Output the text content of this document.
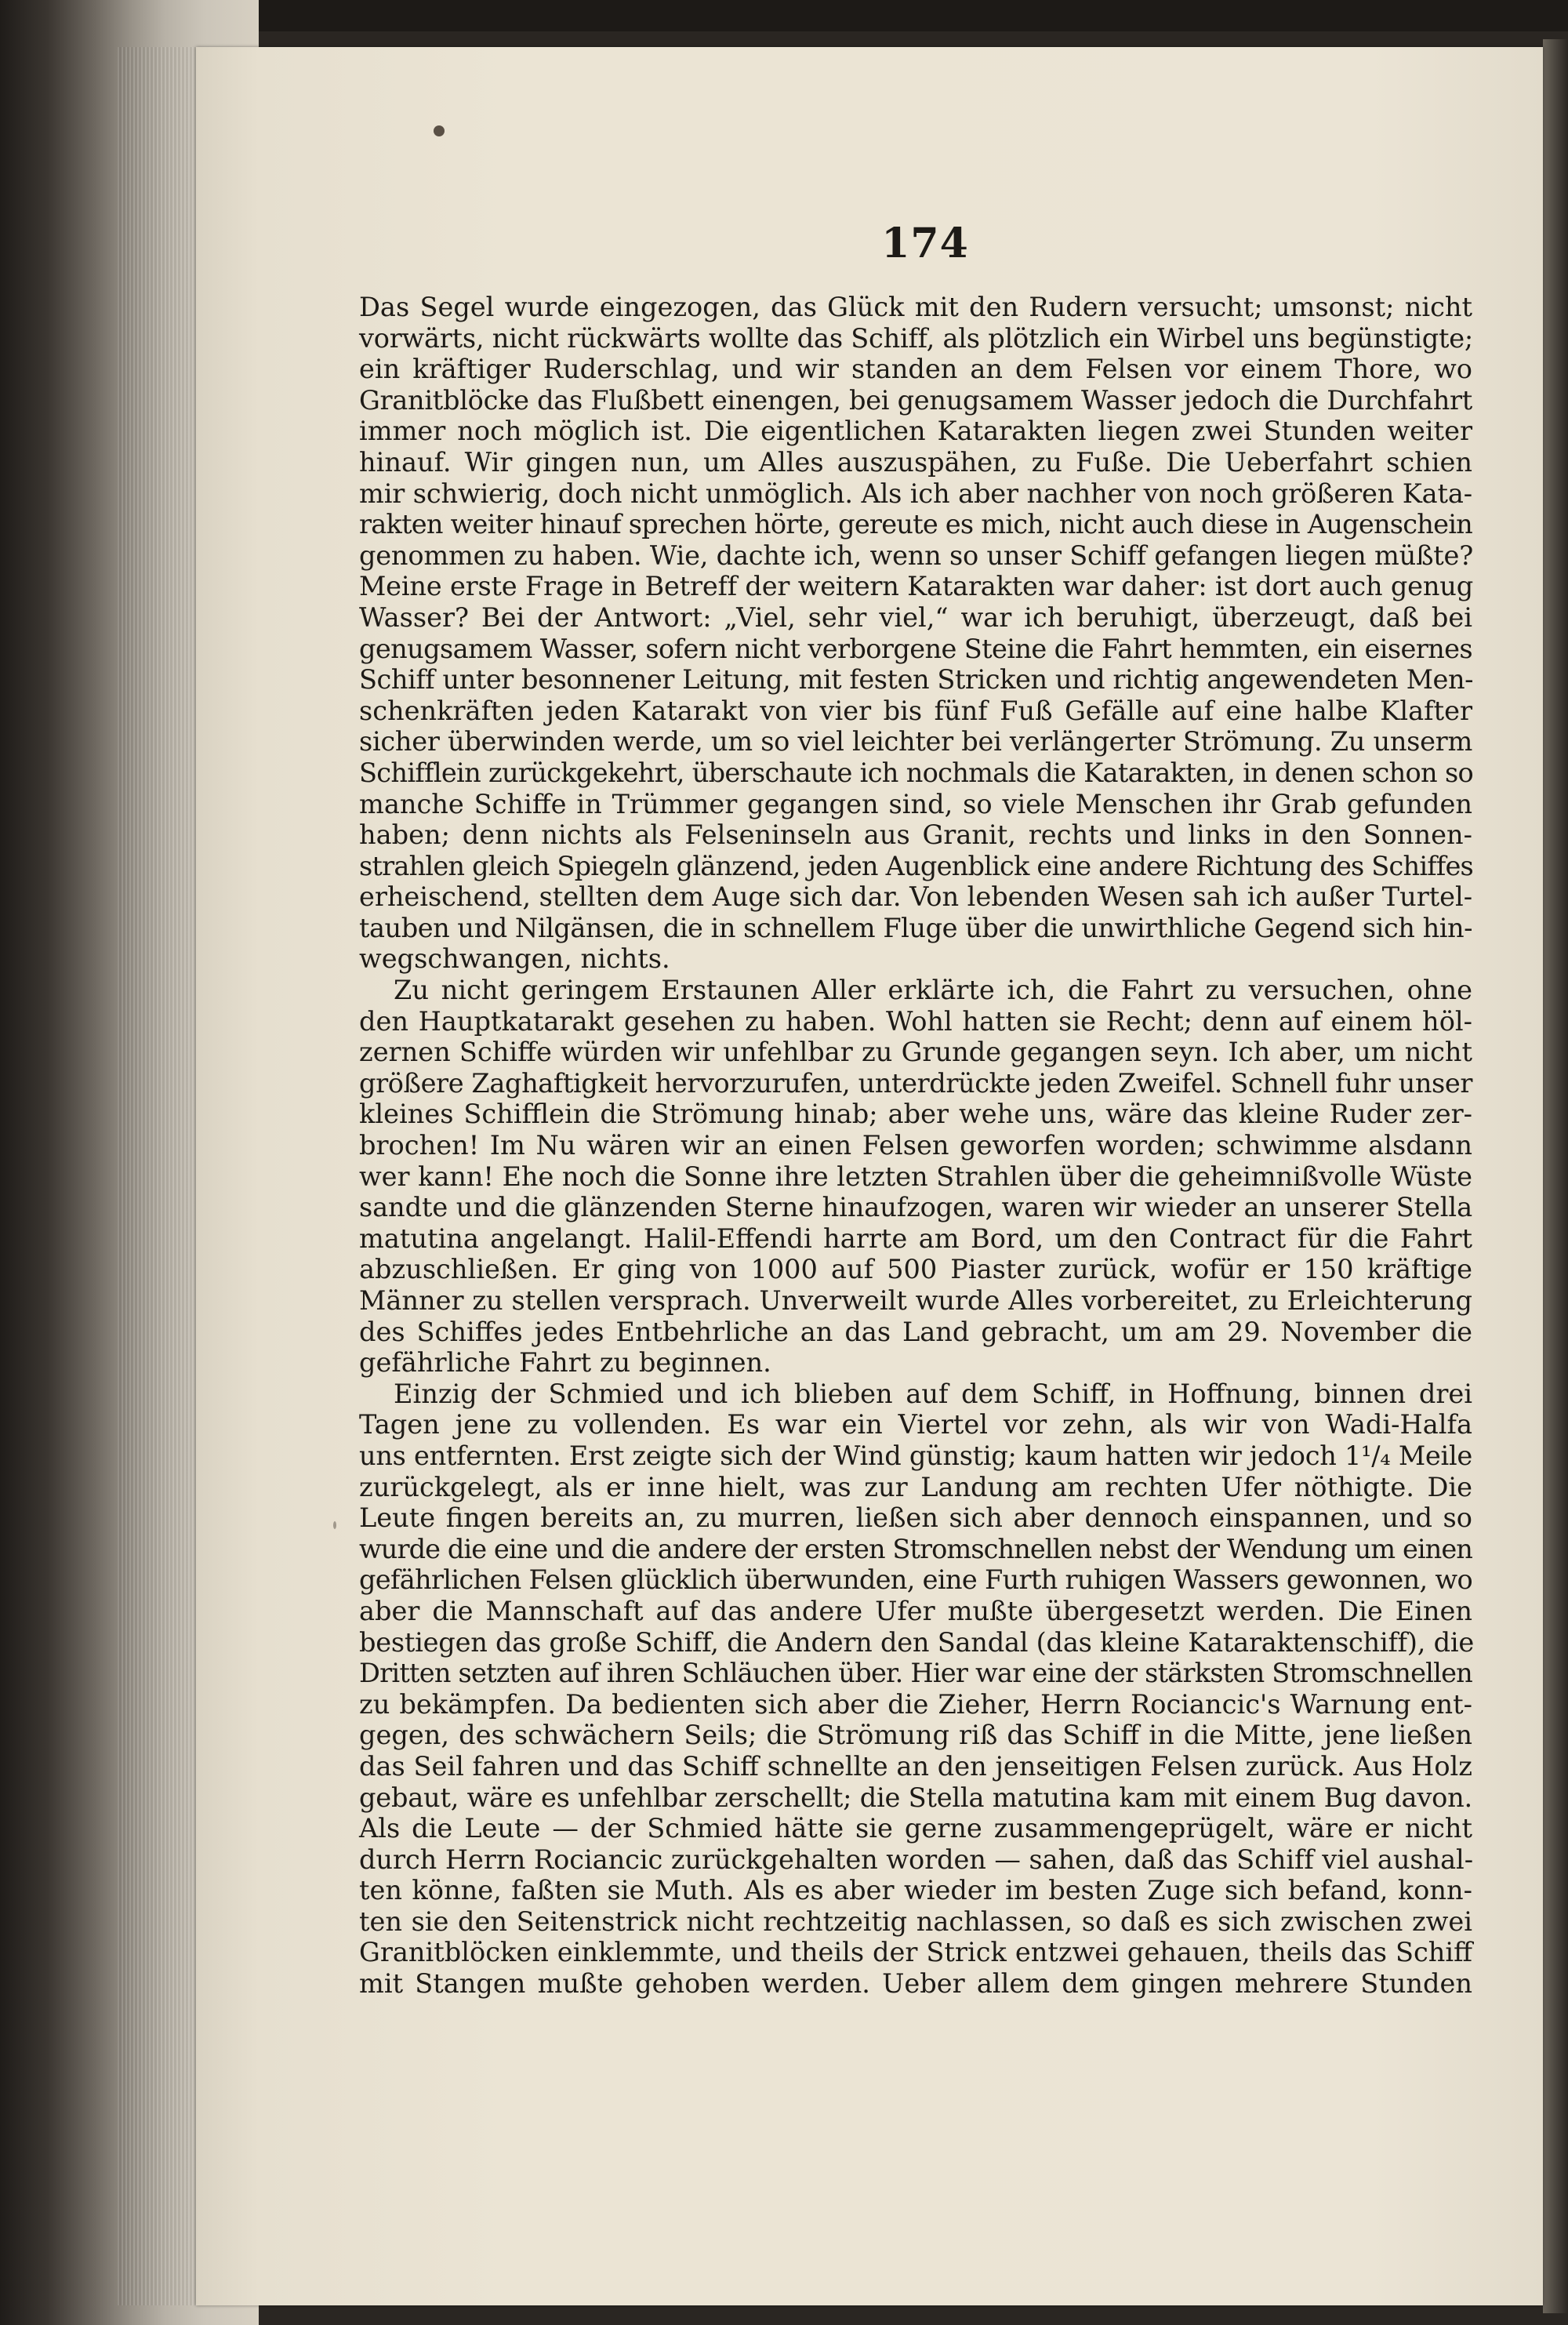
174
Das Segel wurde eingezogen, das Glück mit den Rudern versucht; umsonst; nicht
vorwärts, nicht rückwärts wollte das Schiff, als plötzlich ein Wirbel uns begünstigte;
ein kräftiger Ruderschlag, und wir standen an dem Felsen vor einem Thore, wo
Granitblöcke das Flußbett einengen, bei genugsamem Wasser jedoch die Durchfahrt
immer noch möglich ist. Die eigentlichen Katarakten liegen zwei Stunden weiter
hinauf. Wir gingen nun, um Alles auszuspähen, zu Fuße. Die Ueberfahrt schien
mir schwierig, doch nicht unmöglich. Als ich aber nachher von noch größeren Kata-
rakten weiter hinauf sprechen hörte, gereute es mich, nicht auch diese in Augenschein
genommen zu haben. Wie, dachte ich, wenn so unser Schiff gefangen liegen müßte?
Meine erste Frage in Betreff der weitern Katarakten war daher: ist dort auch genug
Wasser? Bei der Antwort: „Viel, sehr viel,“ war ich beruhigt, überzeugt, daß bei
genugsamem Wasser, sofern nicht verborgene Steine die Fahrt hemmten, ein eisernes
Schiff unter besonnener Leitung, mit festen Stricken und richtig angewendeten Men-
schenkräften jeden Katarakt von vier bis fünf Fuß Gefälle auf eine halbe Klafter
sicher überwinden werde, um so viel leichter bei verlängerter Strömung. Zu unserm
Schifflein zurückgekehrt, überschaute ich nochmals die Katarakten, in denen schon so
manche Schiffe in Trümmer gegangen sind, so viele Menschen ihr Grab gefunden
haben; denn nichts als Felseninseln aus Granit, rechts und links in den Sonnen-
strahlen gleich Spiegeln glänzend, jeden Augenblick eine andere Richtung des Schiffes
erheischend, stellten dem Auge sich dar. Von lebenden Wesen sah ich außer Turtel-
tauben und Nilgänsen, die in schnellem Fluge über die unwirthliche Gegend sich hin-
wegschwangen, nichts.
Zu nicht geringem Erstaunen Aller erklärte ich, die Fahrt zu versuchen, ohne
den Hauptkatarakt gesehen zu haben. Wohl hatten sie Recht; denn auf einem höl-
zernen Schiffe würden wir unfehlbar zu Grunde gegangen seyn. Ich aber, um nicht
größere Zaghaftigkeit hervorzurufen, unterdrückte jeden Zweifel. Schnell fuhr unser
kleines Schifflein die Strömung hinab; aber wehe uns, wäre das kleine Ruder zer-
brochen! Im Nu wären wir an einen Felsen geworfen worden; schwimme alsdann
wer kann! Ehe noch die Sonne ihre letzten Strahlen über die geheimnißvolle Wüste
sandte und die glänzenden Sterne hinaufzogen, waren wir wieder an unserer Stella
matutina angelangt. Halil-Effendi harrte am Bord, um den Contract für die Fahrt
abzuschließen. Er ging von 1000 auf 500 Piaster zurück, wofür er 150 kräftige
Männer zu stellen versprach. Unverweilt wurde Alles vorbereitet, zu Erleichterung
des Schiffes jedes Entbehrliche an das Land gebracht, um am 29. November die
gefährliche Fahrt zu beginnen.
Einzig der Schmied und ich blieben auf dem Schiff, in Hoffnung, binnen drei
Tagen jene zu vollenden. Es war ein Viertel vor zehn, als wir von Wadi-Halfa
uns entfernten. Erst zeigte sich der Wind günstig; kaum hatten wir jedoch 1¹/₄ Meile
zurückgelegt, als er inne hielt, was zur Landung am rechten Ufer nöthigte. Die
Leute fingen bereits an, zu murren, ließen sich aber dennoch einspannen, und so
wurde die eine und die andere der ersten Stromschnellen nebst der Wendung um einen
gefährlichen Felsen glücklich überwunden, eine Furth ruhigen Wassers gewonnen, wo
aber die Mannschaft auf das andere Ufer mußte übergesetzt werden. Die Einen
bestiegen das große Schiff, die Andern den Sandal (das kleine Kataraktenschiff), die
Dritten setzten auf ihren Schläuchen über. Hier war eine der stärksten Stromschnellen
zu bekämpfen. Da bedienten sich aber die Zieher, Herrn Rociancic's Warnung ent-
gegen, des schwächern Seils; die Strömung riß das Schiff in die Mitte, jene ließen
das Seil fahren und das Schiff schnellte an den jenseitigen Felsen zurück. Aus Holz
gebaut, wäre es unfehlbar zerschellt; die Stella matutina kam mit einem Bug davon.
Als die Leute — der Schmied hätte sie gerne zusammengeprügelt, wäre er nicht
durch Herrn Rociancic zurückgehalten worden — sahen, daß das Schiff viel aushal-
ten könne, faßten sie Muth. Als es aber wieder im besten Zuge sich befand, konn-
ten sie den Seitenstrick nicht rechtzeitig nachlassen, so daß es sich zwischen zwei
Granitblöcken einklemmte, und theils der Strick entzwei gehauen, theils das Schiff
mit Stangen mußte gehoben werden. Ueber allem dem gingen mehrere Stunden
